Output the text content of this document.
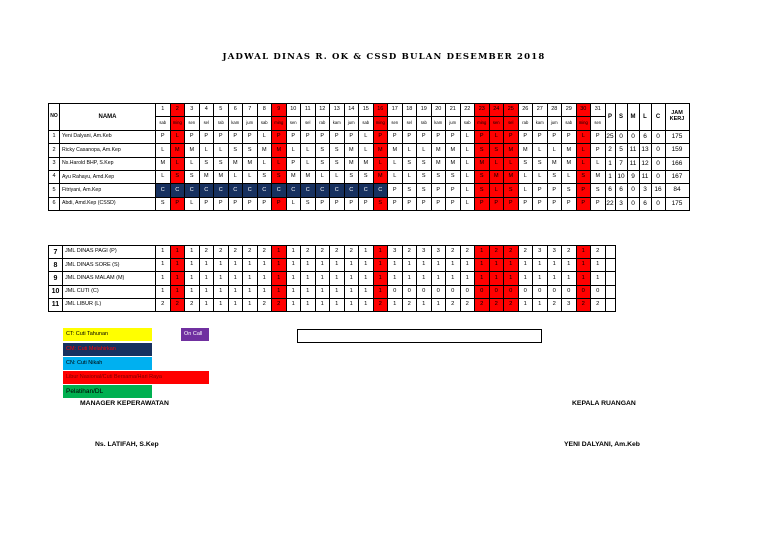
JADWAL DINAS R. OK & CSSD BULAN DESEMBER 2018
NO	NAMA	1	2	3	4	5	6	7	8	9	10	11	12	13	14	15	16	17	18	19	20	21	22	23	24	25	26	27	28	29	30	31	P	S	M	L	C	JAM KERJ
		sab	ming	sen	sel	rab	kam	jum	sab	ming	sen	sel	rab	kam	jum	sab	ming	sen	sel	rab	kam	jum	sab	ming	sen	sel	rab	kam	jum	sab	ming	sen						
1	Yeni Dalyani, Am.Keb	P	L	P	P	P	P	P	L	P	P	P	P	P	P	L	P	P	P	P	P	P	L	P	L	P	P	P	P	P	L	P	25	0	0	6	0	175
2	Ricky Casanopa, Am.Kep	L	M	M	L	L	S	S	M	M	L	L	S	S	M	L	M	M	L	L	M	M	L	S	S	M	M	L	L	M	L	P	2	5	11	13	0	159
3	Ns.Harold BHP, S.Kep	M	L	L	S	S	M	M	L	L	P	L	S	S	M	M	L	L	S	S	M	M	L	M	L	L	S	S	M	M	L	L	1	7	11	12	0	166
4	Ayu Rahayu, Amd.Kep	L	S	S	M	M	L	L	S	S	M	M	L	L	S	S	M	L	L	S	S	S	L	S	M	M	L	L	S	L	S	M	1	10	9	11	0	167
5	Fitriyani, Am.Kep	C	C	C	C	C	C	C	C	C	C	C	C	C	C	C	C	P	S	S	P	P	L	S	L	S	L	P	P	S	P	S	6	6	0	3	16	84
6	Abdi, Amd.Kep (CSSD)	S	P	L	P	P	P	P	P	P	L	S	P	P	P	P	S	P	P	P	P	P	L	P	P	P	P	P	P	P	P	P	22	3	0	6	0	175
7	JML DINAS PAGI (P)	1	1	1	2	2	2	2	2	1	1	2	2	2	2	1	1	3	2	3	3	2	2	1	2	2	2	3	3	2	1	2	
8	JML DINAS SORE (S)	1	1	1	1	1	1	1	1	1	1	1	1	1	1	1	1	1	1	1	1	1	1	1	1	1	1	1	1	1	1	1	
9	JML DINAS MALAM (M)	1	1	1	1	1	1	1	1	1	1	1	1	1	1	1	1	1	1	1	1	1	1	1	1	1	1	1	1	1	1	1	
10	JML CUTI (C)	1	1	1	1	1	1	1	1	1	1	1	1	1	1	1	1	0	0	0	0	0	0	0	0	0	0	0	0	0	0	0	
11	JML LIBUR (L)	2	2	2	1	1	1	1	2	2	1	1	1	1	1	1	2	1	2	1	1	2	2	2	2	2	1	1	2	3	2	2	
CT: Cuti Tahunan	On Call
CM: Cuti Melahirkan
CN: Cuti Nikah
Libur Nasional/Cuti Bersama/Hari Raya
Pelatihan/DL
MANAGER KEPERAWATAN
Ns. LATIFAH, S.Kep
KEPALA RUANGAN
YENI DALYANI, Am.Keb
